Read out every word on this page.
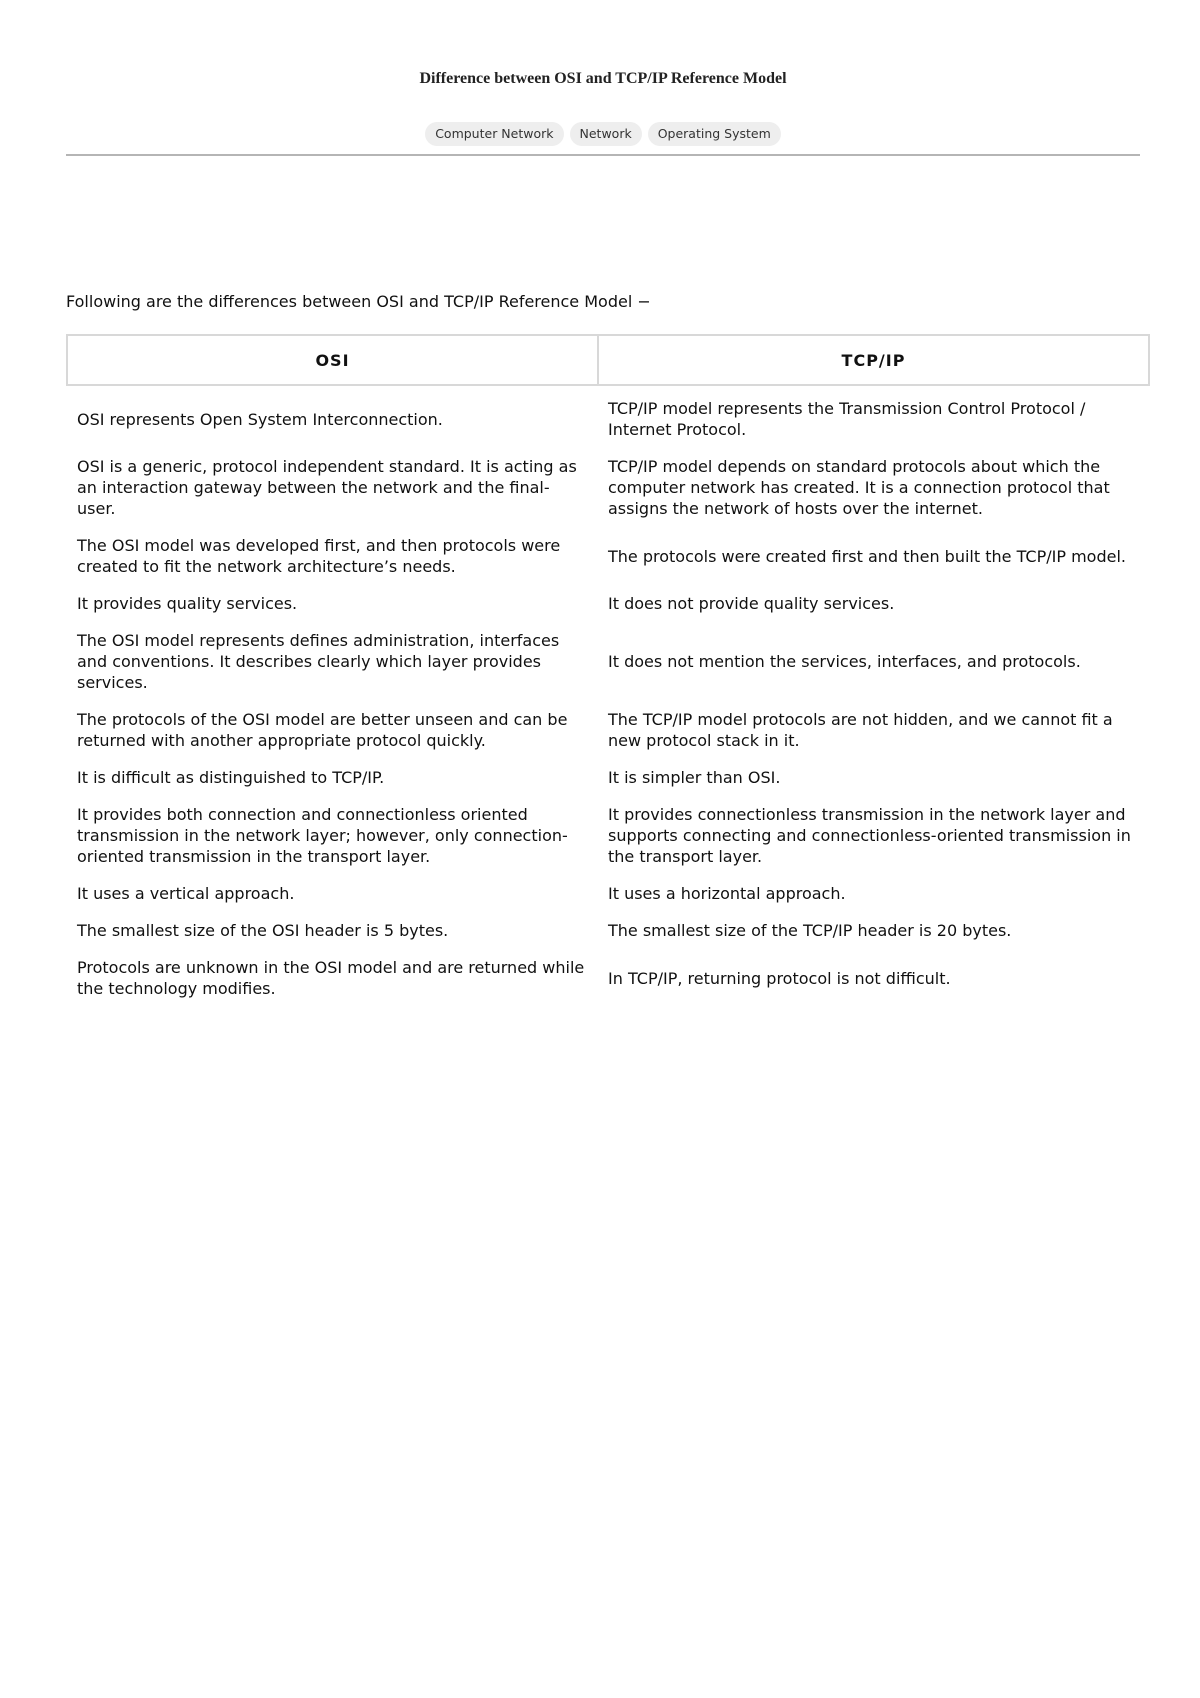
Difference between OSI and TCP/IP Reference Model
Computer Network	Network	Operating System

Following are the differences between OSI and TCP/IP Reference Model −

OSI	TCP/IP
OSI represents Open System Interconnection.	TCP/IP model represents the Transmission Control Protocol / Internet Protocol.
OSI is a generic, protocol independent standard. It is acting as an interaction gateway between the network and the final-user.	TCP/IP model depends on standard protocols about which the computer network has created. It is a connection protocol that assigns the network of hosts over the internet.
The OSI model was developed first, and then protocols were created to fit the network architecture’s needs.	The protocols were created first and then built the TCP/IP model.
It provides quality services.	It does not provide quality services.
The OSI model represents defines administration, interfaces and conventions. It describes clearly which layer provides services.	It does not mention the services, interfaces, and protocols.
The protocols of the OSI model are better unseen and can be returned with another appropriate protocol quickly.	The TCP/IP model protocols are not hidden, and we cannot fit a new protocol stack in it.
It is difficult as distinguished to TCP/IP.	It is simpler than OSI.
It provides both connection and connectionless oriented transmission in the network layer; however, only connection-oriented transmission in the transport layer.	It provides connectionless transmission in the network layer and supports connecting and connectionless-oriented transmission in the transport layer.
It uses a vertical approach.	It uses a horizontal approach.
The smallest size of the OSI header is 5 bytes.	The smallest size of the TCP/IP header is 20 bytes.
Protocols are unknown in the OSI model and are returned while the technology modifies.	In TCP/IP, returning protocol is not difficult.
